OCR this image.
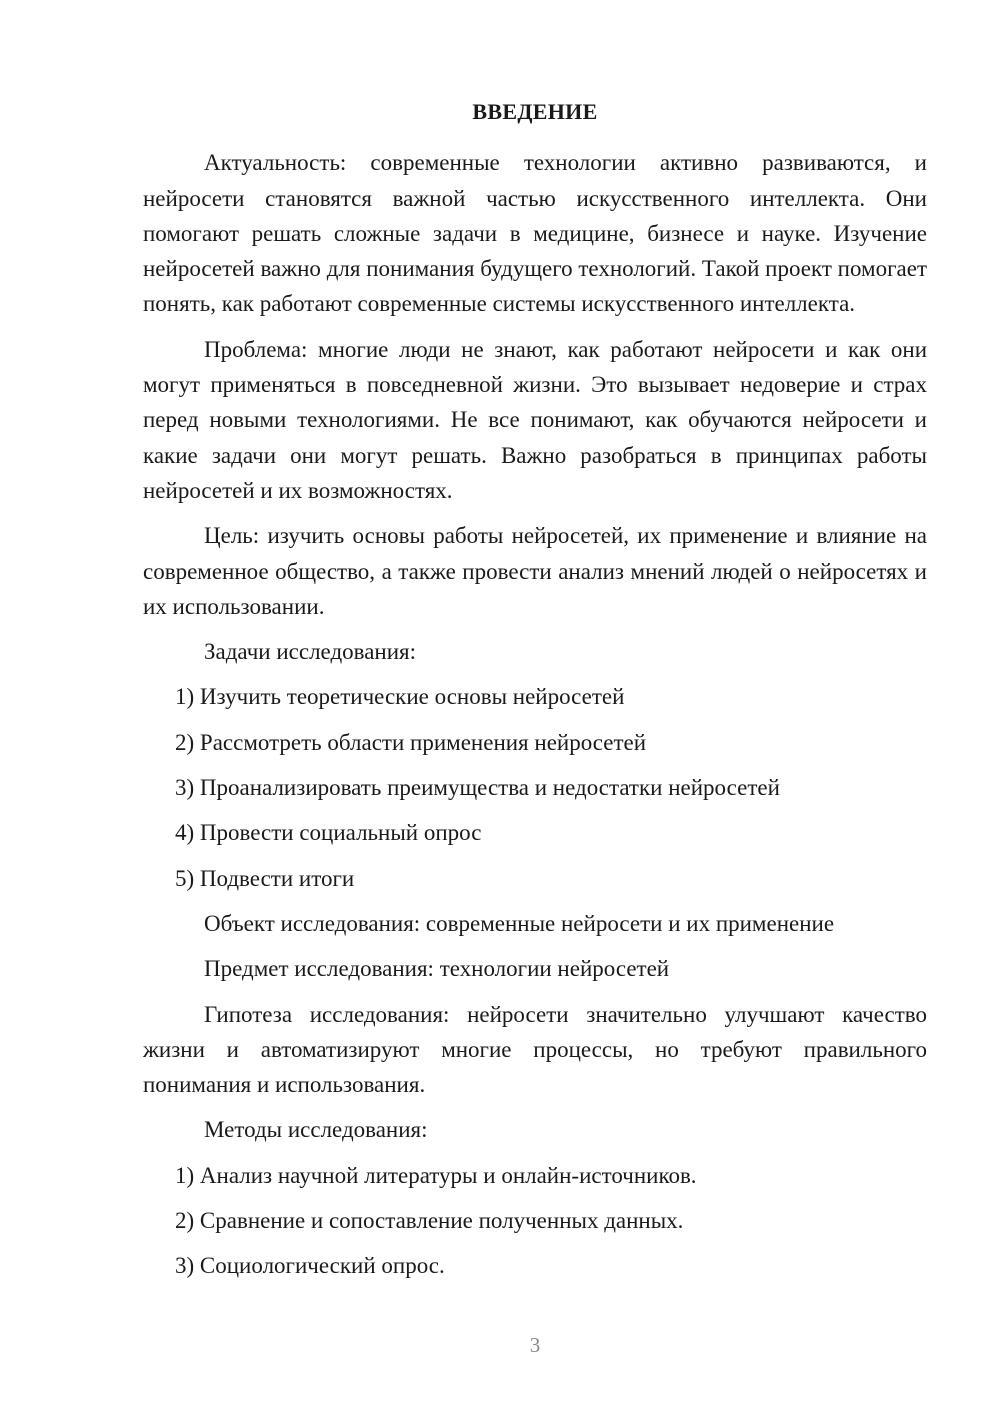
ВВЕДЕНИЕ

Актуальность: современные технологии активно развиваются, и нейросети становятся важной частью искусственного интеллекта. Они помогают решать сложные задачи в медицине, бизнесе и науке. Изучение нейросетей важно для понимания будущего технологий. Такой проект помогает понять, как работают современные системы искусственного интеллекта.

Проблема: многие люди не знают, как работают нейросети и как они могут применяться в повседневной жизни. Это вызывает недоверие и страх перед новыми технологиями. Не все понимают, как обучаются нейросети и какие задачи они могут решать. Важно разобраться в принципах работы нейросетей и их возможностях.

Цель: изучить основы работы нейросетей, их применение и влияние на современное общество, а также провести анализ мнений людей о нейросетях и их использовании.

Задачи исследования:

1) Изучить теоретические основы нейросетей

2) Рассмотреть области применения нейросетей

3) Проанализировать преимущества и недостатки нейросетей

4) Провести социальный опрос

5) Подвести итоги

Объект исследования: современные нейросети и их применение

Предмет исследования: технологии нейросетей

Гипотеза исследования: нейросети значительно улучшают качество жизни и автоматизируют многие процессы, но требуют правильного понимания и использования.

Методы исследования:

1) Анализ научной литературы и онлайн-источников.

2) Сравнение и сопоставление полученных данных.

3) Социологический опрос.

3
